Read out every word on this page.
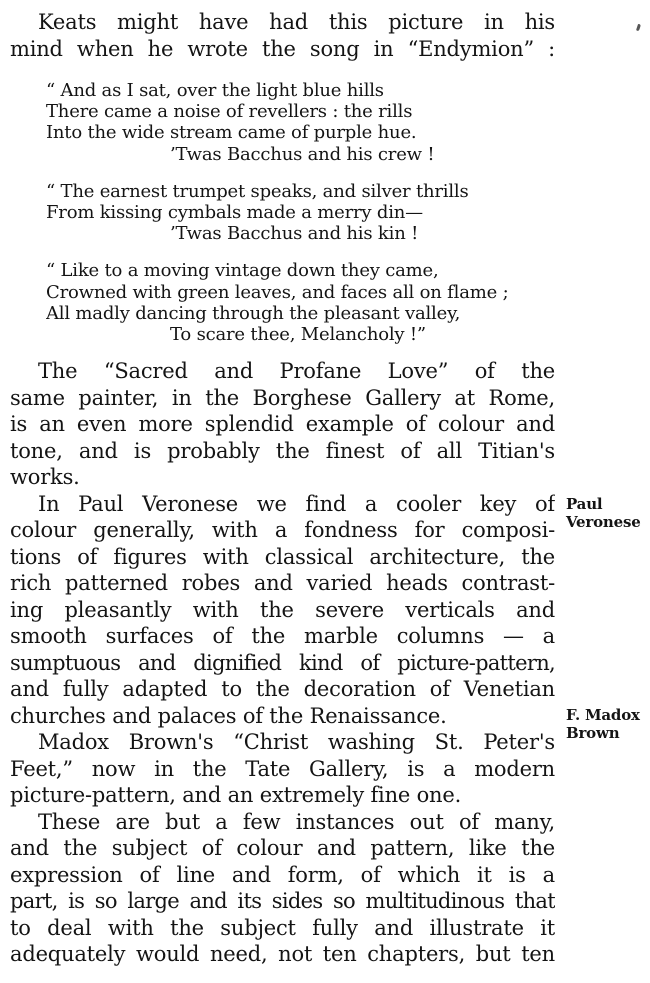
Keats might have had this picture in his
mind when he wrote the song in “Endymion” :
“ And as I sat, over the light blue hills
There came a noise of revellers : the rills
Into the wide stream came of purple hue.
’Twas Bacchus and his crew !
“ The earnest trumpet speaks, and silver thrills
From kissing cymbals made a merry din—
’Twas Bacchus and his kin !
“ Like to a moving vintage down they came,
Crowned with green leaves, and faces all on flame ;
All madly dancing through the pleasant valley,
To scare thee, Melancholy !”
The “Sacred and Profane Love” of the
same painter, in the Borghese Gallery at Rome,
is an even more splendid example of colour and
tone, and is probably the finest of all Titian's
works.
In Paul Veronese we find a cooler key of
colour generally, with a fondness for composi-
tions of figures with classical architecture, the
rich patterned robes and varied heads contrast-
ing pleasantly with the severe verticals and
smooth surfaces of the marble columns — a
sumptuous and dignified kind of picture-pattern,
and fully adapted to the decoration of Venetian
churches and palaces of the Renaissance.
Madox Brown's “Christ washing St. Peter's
Feet,” now in the Tate Gallery, is a modern
picture-pattern, and an extremely fine one.
These are but a few instances out of many,
and the subject of colour and pattern, like the
expression of line and form, of which it is a
part, is so large and its sides so multitudinous that
to deal with the subject fully and illustrate it
adequately would need, not ten chapters, but ten
Paul Veronese
F. Madox Brown
